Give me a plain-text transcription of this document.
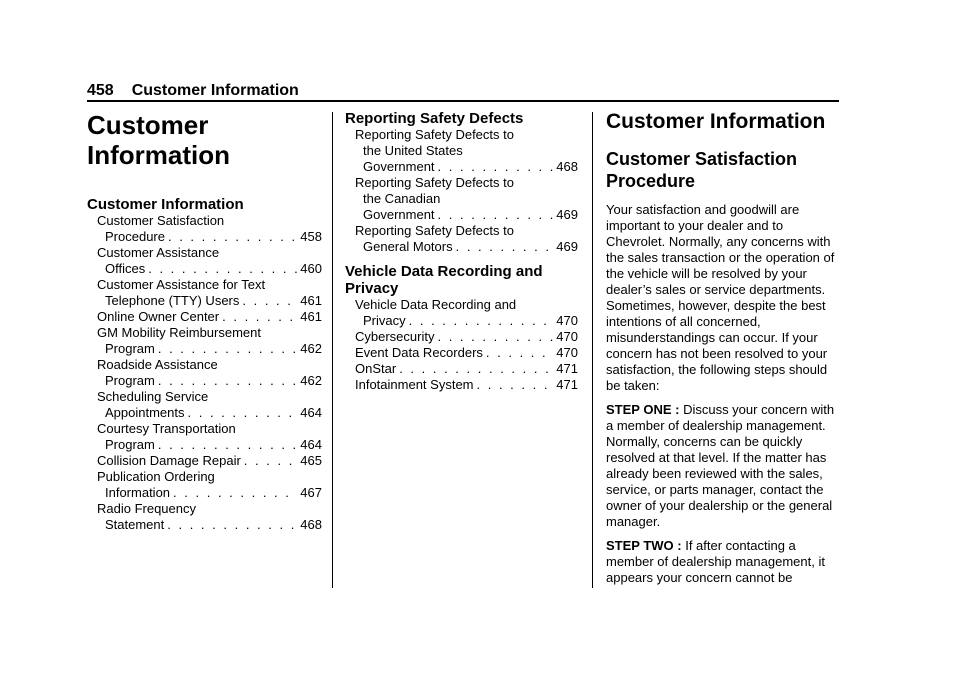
458 Customer Information
Customer
Information
Customer Information
Customer Satisfaction
Procedure . . .	458
Customer Assistance
Offices . . .	460
Customer Assistance for Text
Telephone (TTY) Users . . .	461
Online Owner Center . . .	461
GM Mobility Reimbursement
Program . . .	462
Roadside Assistance
Program . . .	462
Scheduling Service
Appointments . . .	464
Courtesy Transportation
Program . . .	464
Collision Damage Repair . . .	465
Publication Ordering
Information . . .	467
Radio Frequency
Statement . . .	468
Reporting Safety Defects
Reporting Safety Defects to
the United States
Government . . .	468
Reporting Safety Defects to
the Canadian
Government . . .	469
Reporting Safety Defects to
General Motors . . .	469
Vehicle Data Recording and
Privacy
Vehicle Data Recording and
Privacy . . .	470
Cybersecurity . . .	470
Event Data Recorders . . .	470
OnStar . . .	471
Infotainment System . . .	471
Customer Information
Customer Satisfaction
Procedure

Your satisfaction and goodwill are important to your dealer and to Chevrolet. Normally, any concerns with the sales transaction or the operation of the vehicle will be resolved by your dealer’s sales or service departments. Sometimes, however, despite the best intentions of all concerned, misunderstandings can occur. If your concern has not been resolved to your satisfaction, the following steps should be taken:

STEP ONE : Discuss your concern with a member of dealership management. Normally, concerns can be quickly resolved at that level. If the matter has already been reviewed with the sales, service, or parts manager, contact the owner of your dealership or the general manager.

STEP TWO : If after contacting a member of dealership management, it appears your concern cannot be
